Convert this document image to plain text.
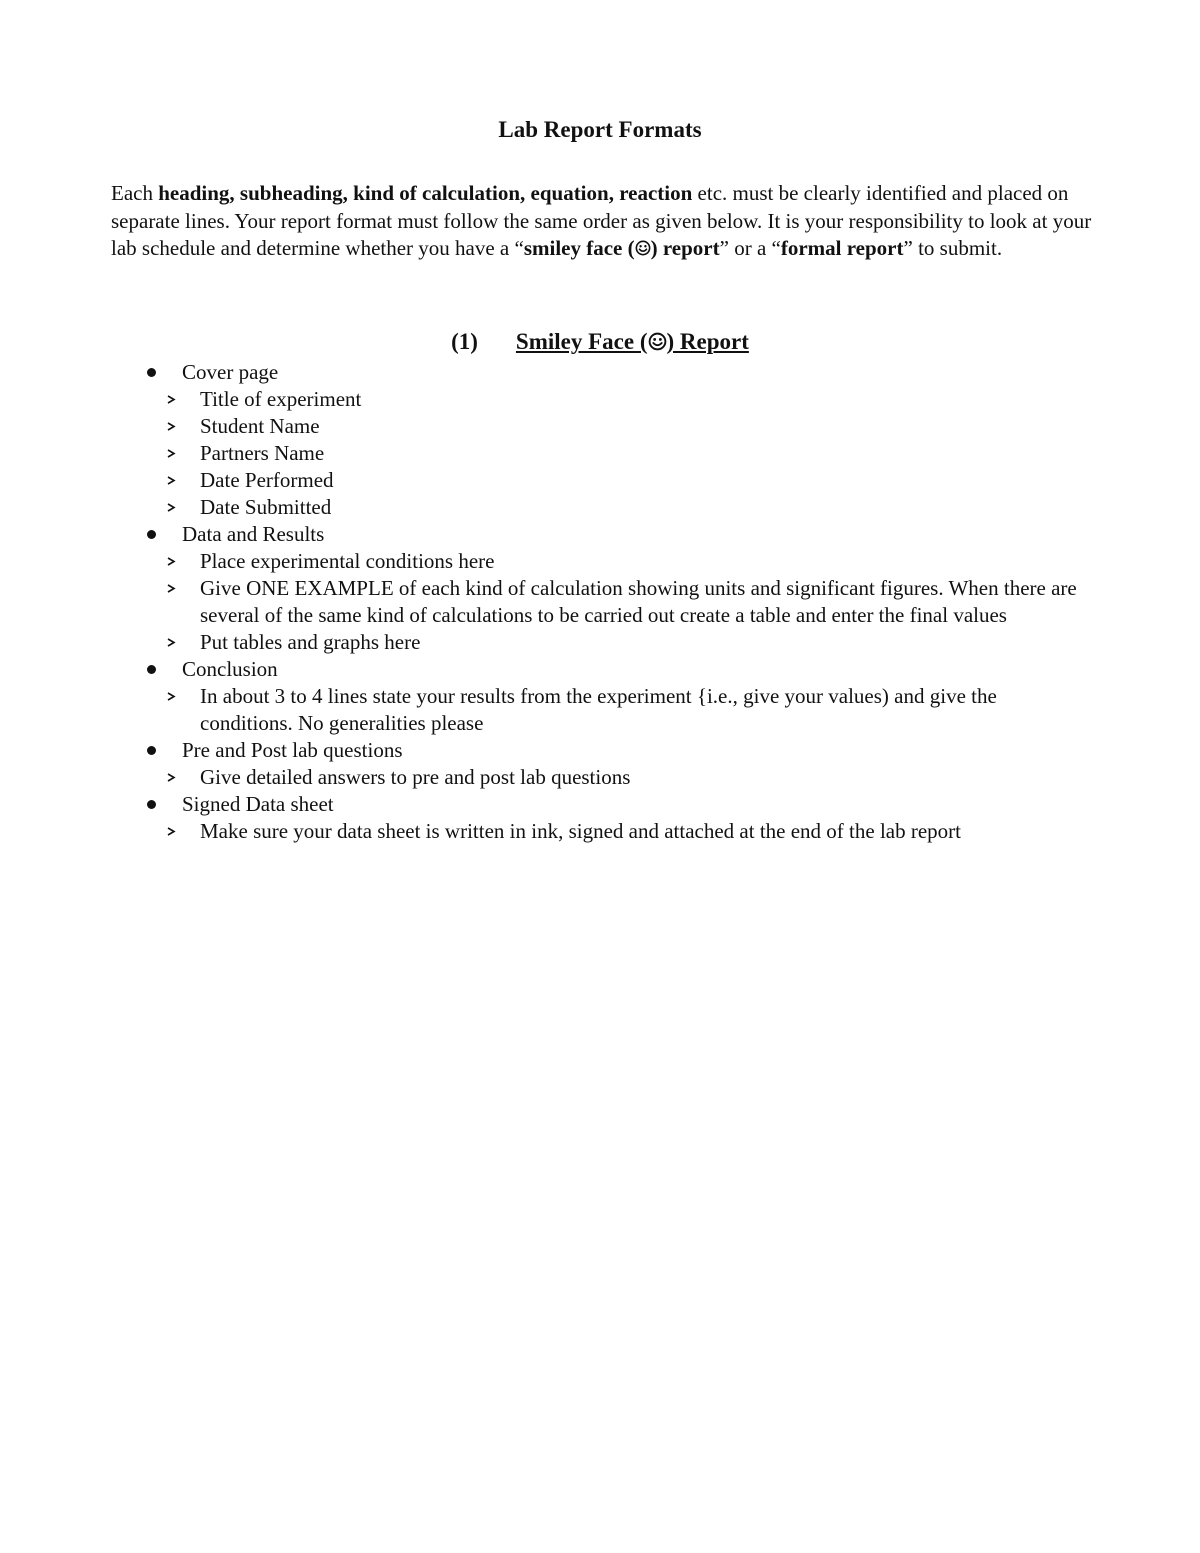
Lab Report Formats
Each heading, subheading, kind of calculation, equation, reaction etc. must be clearly identified and placed on separate lines. Your report format must follow the same order as given below. It is your responsibility to look at your lab schedule and determine whether you have a “smiley face ( ) report” or a “formal report” to submit.
(1) Smiley Face ( ) Report
Cover page
Title of experiment
Student Name
Partners Name
Date Performed
Date Submitted
Data and Results
Place experimental conditions here
Give ONE EXAMPLE of each kind of calculation showing units and significant figures. When there are several of the same kind of calculations to be carried out create a table and enter the final values
Put tables and graphs here
Conclusion
In about 3 to 4 lines state your results from the experiment {i.e., give your values) and give the conditions. No generalities please
Pre and Post lab questions
Give detailed answers to pre and post lab questions
Signed Data sheet
Make sure your data sheet is written in ink, signed and attached at the end of the lab report
